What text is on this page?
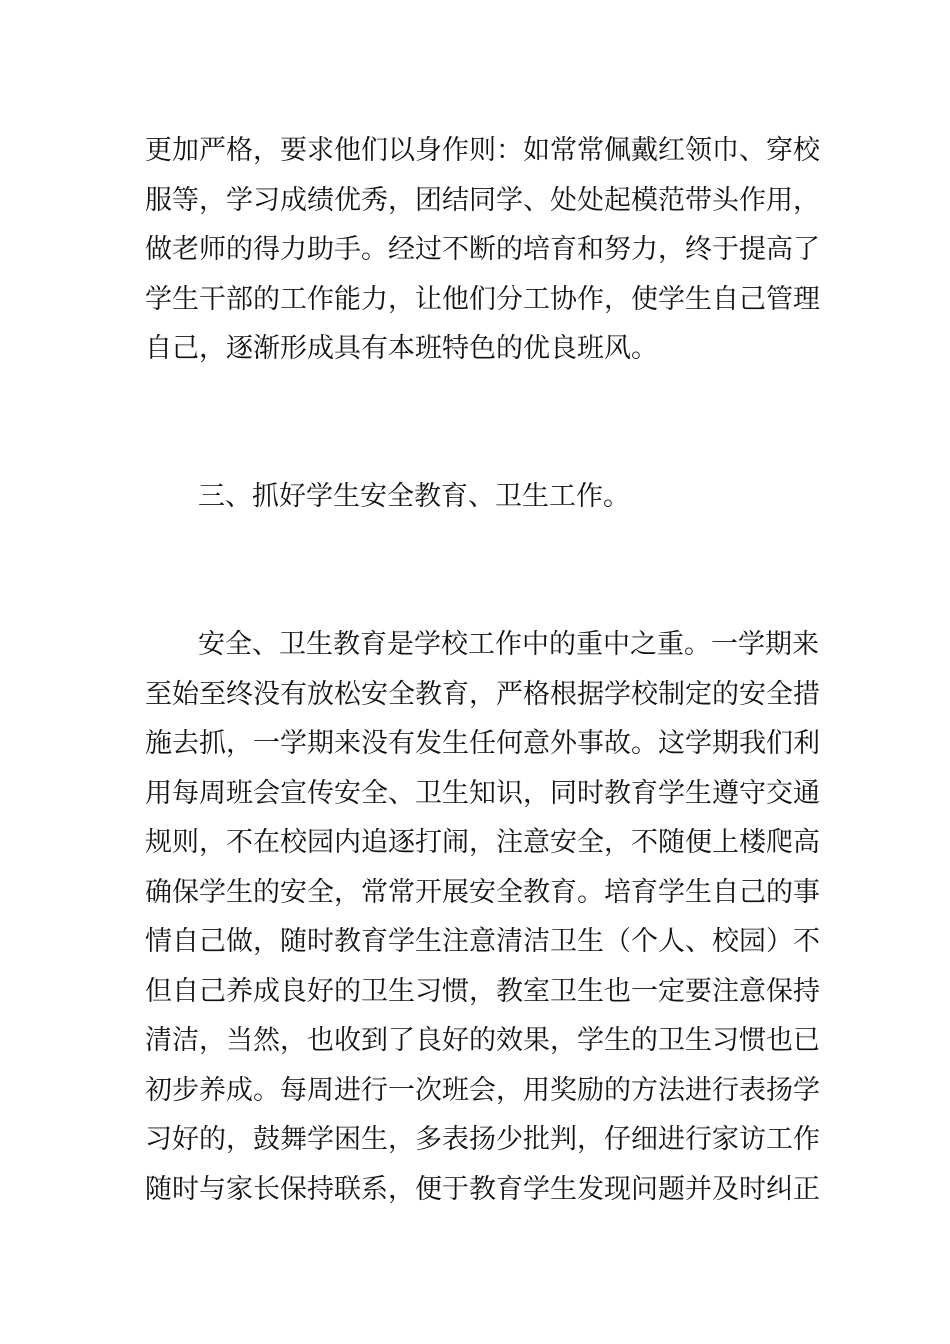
更加严格，要求他们以身作则：如常常佩戴红领巾、穿校
服等，学习成绩优秀，团结同学、处处起模范带头作用，
做老师的得力助手。经过不断的培育和努力，终于提高了
学生干部的工作能力，让他们分工协作，使学生自己管理
自己，逐渐形成具有本班特色的优良班风。
三、抓好学生安全教育、卫生工作。
安全、卫生教育是学校工作中的重中之重。一学期来
至始至终没有放松安全教育，严格根据学校制定的安全措
施去抓，一学期来没有发生任何意外事故。这学期我们利
用每周班会宣传安全、卫生知识，同时教育学生遵守交通
规则，不在校园内追逐打闹，注意安全，不随便上楼爬高
确保学生的安全，常常开展安全教育。培育学生自己的事
情自己做，随时教育学生注意清洁卫生（个人、校园）不
但自己养成良好的卫生习惯，教室卫生也一定要注意保持
清洁，当然，也收到了良好的效果，学生的卫生习惯也已
初步养成。每周进行一次班会，用奖励的方法进行表扬学
习好的，鼓舞学困生，多表扬少批判，仔细进行家访工作
随时与家长保持联系，便于教育学生发现问题并及时纠正
